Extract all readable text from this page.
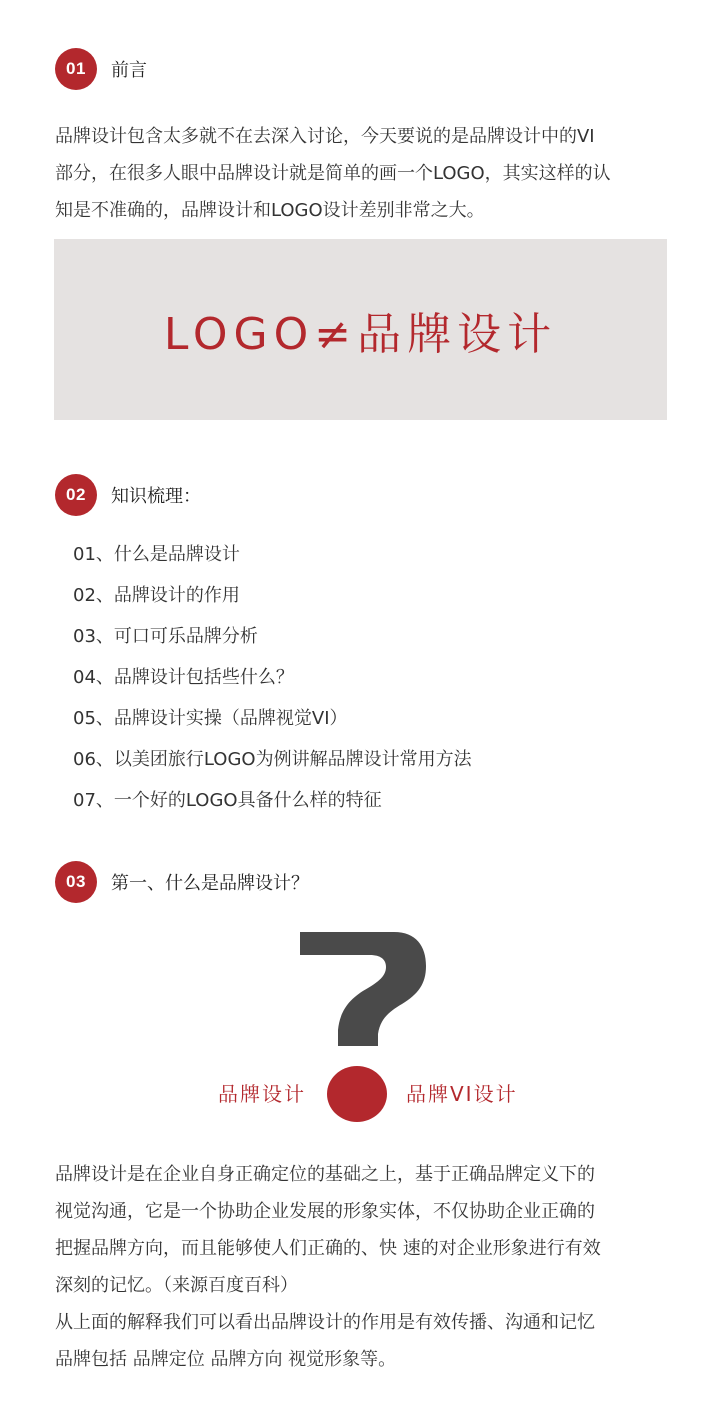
01	前言
品牌设计包含太多就不在去深入讨论，今天要说的是品牌设计中的VI
部分，在很多人眼中品牌设计就是简单的画一个LOGO，其实这样的认
知是不准确的，品牌设计和LOGO设计差别非常之大。
LOGO≠品牌设计
02	知识梳理：
01、什么是品牌设计
02、品牌设计的作用
03、可口可乐品牌分析
04、品牌设计包括些什么？
05、品牌设计实操（品牌视觉VI）
06、以美团旅行LOGO为例讲解品牌设计常用方法
07、一个好的LOGO具备什么样的特征
03	第一、什么是品牌设计？
品牌设计	品牌VI设计
品牌设计是在企业自身正确定位的基础之上，基于正确品牌定义下的
视觉沟通，它是一个协助企业发展的形象实体，不仅协助企业正确的
把握品牌方向，而且能够使人们正确的、快 速的对企业形象进行有效
深刻的记忆。（来源百度百科）
从上面的解释我们可以看出品牌设计的作用是有效传播、沟通和记忆
品牌包括 品牌定位 品牌方向 视觉形象等。
